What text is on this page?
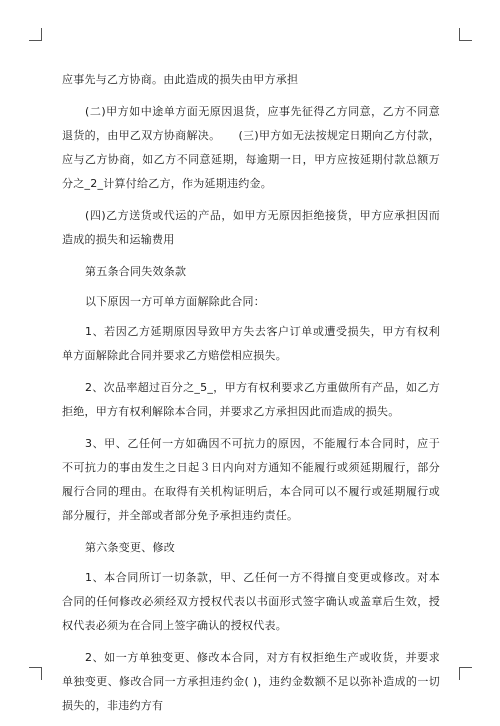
应事先与乙方协商。由此造成的损失由甲方承担

(二)甲方如中途单方面无原因退货，应事先征得乙方同意，乙方不同意退货的，由甲乙双方协商解决。 (三)甲方如无法按规定日期向乙方付款，应与乙方协商，如乙方不同意延期，每逾期一日，甲方应按延期付款总额万分之_2_计算付给乙方，作为延期违约金。

(四)乙方送货或代运的产品，如甲方无原因拒绝接货，甲方应承担因而造成的损失和运输费用

第五条合同失效条款

以下原因一方可单方面解除此合同：

1、若因乙方延期原因导致甲方失去客户订单或遭受损失，甲方有权利单方面解除此合同并要求乙方赔偿相应损失。

2、次品率超过百分之_5_，甲方有权利要求乙方重做所有产品，如乙方拒绝，甲方有权利解除本合同，并要求乙方承担因此而造成的损失。

3、甲、乙任何一方如确因不可抗力的原因，不能履行本合同时，应于不可抗力的事由发生之日起３日内向对方通知不能履行或须延期履行，部分履行合同的理由。在取得有关机构证明后，本合同可以不履行或延期履行或部分履行，并全部或者部分免予承担违约责任。

第六条变更、修改

1、本合同所订一切条款，甲、乙任何一方不得擅自变更或修改。对本合同的任何修改必须经双方授权代表以书面形式签字确认或盖章后生效，授权代表必须为在合同上签字确认的授权代表。

2、如一方单独变更、修改本合同，对方有权拒绝生产或收货，并要求单独变更、修改合同一方承担违约金( )，违约金数额不足以弥补造成的一切损失的，非违约方有
